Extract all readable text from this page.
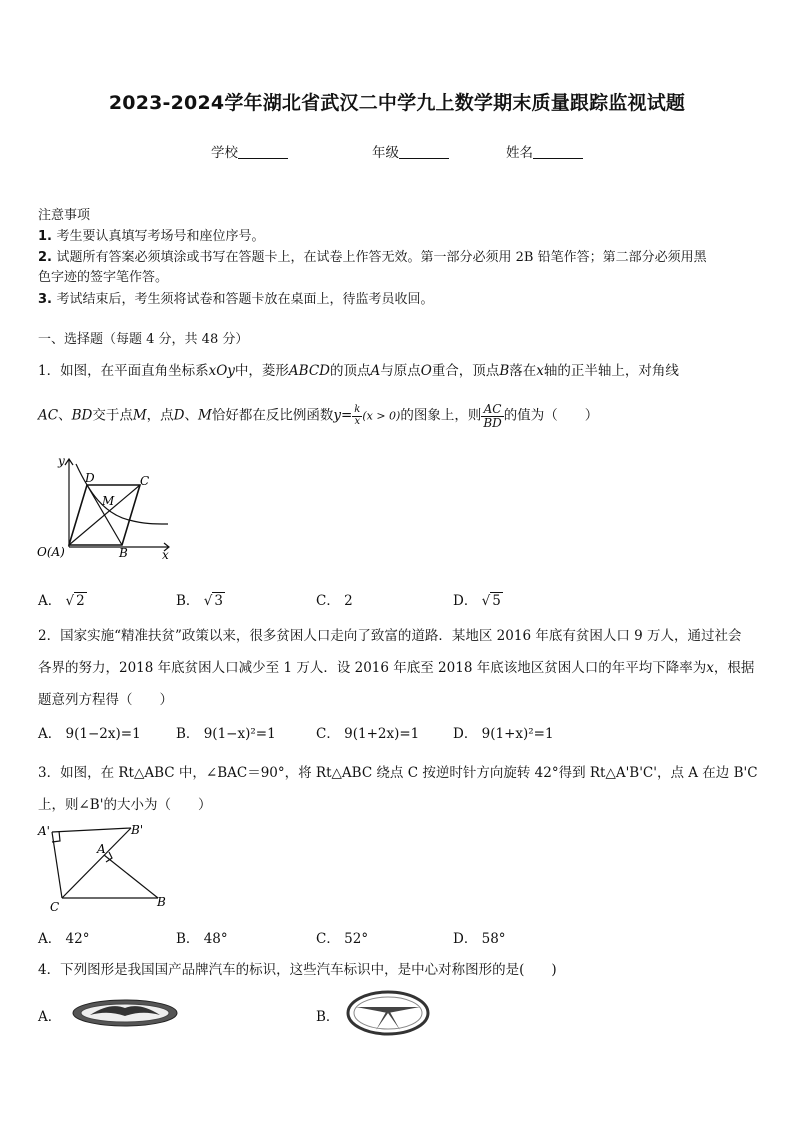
2023-2024学年湖北省武汉二中学九上数学期末质量跟踪监视试题
学校	年级	姓名
注意事项
1. 考生要认真填写考场号和座位序号。
2. 试题所有答案必须填涂或书写在答题卡上，在试卷上作答无效。第一部分必须用 2B 铅笔作答；第二部分必须用黑
色字迹的签字笔作答。
3. 考试结束后，考生须将试卷和答题卡放在桌面上，待监考员收回。
一、选择题（每题 4 分，共 48 分）
1．如图，在平面直角坐标系xOy中，菱形ABCD的顶点A与原点O重合，顶点B落在x轴的正半轴上，对角线
AC、BD交于点M，点D、M恰好都在反比例函数$y= \frac{k}{x} (x > 0)$的图象上，则 $\frac{AC}{BD}$ 的值为（　　）
y
x
D	C
M
B
O(A)
A． √ 2	B． √ 3	C． 2	D． √ 5
2．国家实施“精准扶贫”政策以来，很多贫困人口走向了致富的道路．某地区 2016 年底有贫困人口 9 万人，通过社会
各界的努力，2018 年底贫困人口减少至 1 万人．设 2016 年底至 2018 年底该地区贫困人口的年平均下降率为x，根据
题意列方程得（　　）
A． 9(1−2x)=1	B． 9(1−x)²=1	C． 9(1+2x)=1 D． 9(1+x)²=1
3．如图，在 Rt△ABC 中，∠BAC＝90°，将 Rt△ABC 绕点 C 按逆时针方向旋转 42°得到 Rt△A'B'C'，点 A 在边 B'C
上，则∠B'的大小为（　　）
A'	B'
A
C	B
A． 42°	B． 48°	C． 52°	D． 58°
4．下列图形是我国国产品牌汽车的标识，这些汽车标识中，是中心对称图形的是(　　)
A．	B．
